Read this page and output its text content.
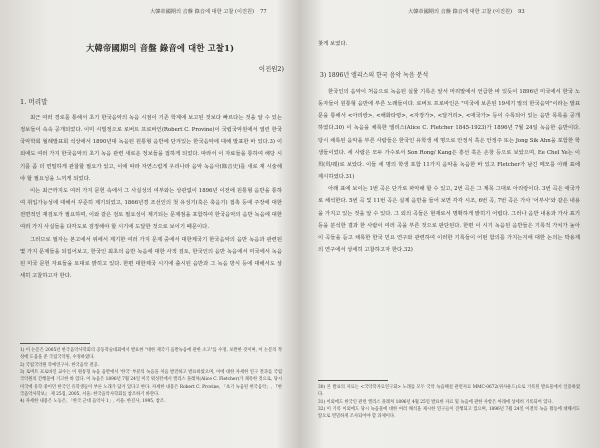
大韓帝國期의 音盤 錄音에 대한 고찰 (이진원) 77
大韓帝國期의 音盤 錄音에 대한 고찰1)
이진원2)
1. 머리말

최근 여러 경로를 통해서 초기 한국음악의 녹음 시점이 기존 학계에 보고된 것보다 빠르다는 것을 알 수 있는 정보들이 속속 공개되었다. 이미 시빌정으로 로버트 프로바인(Robert C. Provine)이 국립국악원에서 열린 한국국악학회 월례발표회 석상에서 1890년대 녹음된 원통형 음반에 단겨있는 한국음악에 대해 발표한 바 있다.3) 이외에도 여러 가지 한국음악의 초기 녹음 관련 새로운 정보들을 접하게 되었다. 따라서 이 자료들을 통하여 해당 시기를 좀 더 면밀하게 관찰할 필요가 있고, 이에 따라 자연스럽게 우리나라 음악 녹음사(錄音史)를 새로 재 시술해야 할 필요성을 느끼게 되었다.

이는 최근까지도 여러 가지 문헌 속에서 그 사실성의 여부와는 상관없이 1896년 이전에 원통형 음반을 통하여 취입가능성에 대해서 꾸준히 제기되었고, 1866년경 조선인의 첫 유성기(혹은 축음기) 접촉 등에 주장에 대한 전면적인 재검토가 필요하며, 이와 같은 검토 필요성이 제기되는 문제점을 포함하여 한국음악의 음반 녹음에 대한 여러 가지 사실들을 다각도로 검정해야 할 시기에 도달한 것으로 보이기 때문이다.

그러므로 필자는 본고에서 위에서 제기한 여러 가지 문제 중에서 대한제국기 한국음악의 음반 녹음과 관련된 몇 가지 문제들을 되집어보고, 한국인 최초의 음반 녹음에 대한 사적 검토, 한국인의 음반 녹음에서 미국에서 녹음된 미국 문헌 자료들을 토대로 밝히고 있다. 한편 대한제국 시기에 출시된 음반과 그 녹음 방식 등에 대해서도 상세히 고찰하고자 한다.

1) 이 논문은 2005년 한국음악사학회의 공동학술대회에서 발표한 "대한 제국기 음반녹음에 관한 소고"를 수정, 보완한 것이며, 이 논문의 작성에 도움을 준 국립국악원, 수정하였다.

2) 국립국악원 학예연구사. 한국음악 전공.

3) 로버트 프로바인 교수는 이 원통형 녹음 음반에서 '한국' 부분의 녹음을 처음 발견하고 발표하였으며, 이에 대한 자세한 연구 결과를 국립국악원의 간행물에 기고한 바 있다. 이 녹음은 1896년 7월 24일 미국 워싱턴에서 앨리스 플레처(Alice C. Fletcher)가 채록한 것으로, 당시 미국에 유학 중이던 한국인 유학생들이 부른 노래가 담겨 있다고 한다. 자세한 내용은 Robert C. Provine, 「초기 녹음된 한국음악」, 『한국음악사학보』 제 25집, 2005, 서울: 한국음악사학회를 참조하기 바란다.

4) 자세한 내용은 노동은, 「한국 근대 음악사 1」, 서울: 한길사, 1995, 참조.

大韓帝國期의 音盤 錄音에 대한 고찰 (이진원) 93
찾게 보였다.
3) 1896년 앨리스의 한국 음악 녹음 분석

한국인의 음악이 처음으로 녹음된 실물 기록은 앞서 머리말에서 언급한 바 있듯이 1896년 미국에서 한국 노동자들이 원통형 음반에 부른 노래들이다. 로버트 프로바인은 "미국에 보존된 19세기 말의 한국음악"이라는 발표문을 통해서 <아리랑>, <해화타령>, <자장가>, <달거리>, <애국가> 등이 수록되어 있는 음반 목록을 공개하였다.30) 이 녹음을 채록한 앨리스(Alice C. Fletcher 1845-1923)가 1896년 7월 24일 녹음한 음반이다. 당시 채록된 음악을 부른 사람들은 한국인 유학생 세 명으로 안정식 혹은 안정주 또는 Jong Sik Ahn을 포함한 학생들이었다. 세 사람은 모두 가수로서 Son Rong/ Kang은 흥선 혹은 손창 등으로 보았으며, Ee Chel Ye는 이 희(희/웨)로 보았다. 이들 세 명의 학생 포함 11가지 음악을 녹음한 바 있고 Fletcher가 남긴 메모를 아래 표에 제시하였다.31)

아래 표에 보이는 1번 곡은 단가로 파악해 할 수 있고, 2번 곡은 그 제목 그대로 아리랑이다. 3번 곡은 애국가로 해석한다. 5번 곡 및 11번 곡은 실제 음반을 들어 보면 각각 시조, 6번 곡, 7번 곡은 가사 '어부사'와 같은 내용을 가지고 있는 것을 알 수 있다. 그 외의 곡들은 현재로서 명확하게 밝히기 어렵다. 그러나 음반 내용과 가사 표기 등을 분석한 결과 한 사람이 여러 곡을 부른 것으로 판단된다. 한편 이 시기 녹음된 음반들은 기록적 가치가 높아 이 곡들을 듣고 채록한 한국 민요 연구와 관련하여 이러한 기록들이 어떤 함의를 가지는지에 대한 논의는 박용재의 연구에서 상세히 고찰하고자 한다.32)

30) 본 발표의 자료는 <국악학자료연구회> 노래를 모두 국악 녹음해설 관련자료 MMC-0672(위사운드)으로 기록된 발표물에서 인용하였다.

31) 이외에도 한국인 관련 앨리스 플레처 1896년 4월 25일 발표한 자료 및 녹음에 관한 사항은 아래에 상세히 기록되어 있다.

32) 이 기록 이외에도 당시 녹음물에 대한 여러 해석을 제시한 연구들이 진행되고 있으며, 1896년 7월 24일 이전의 녹음 활동에 대해서도 앞으로 면밀하게 조사되어야 할 과제이다.
